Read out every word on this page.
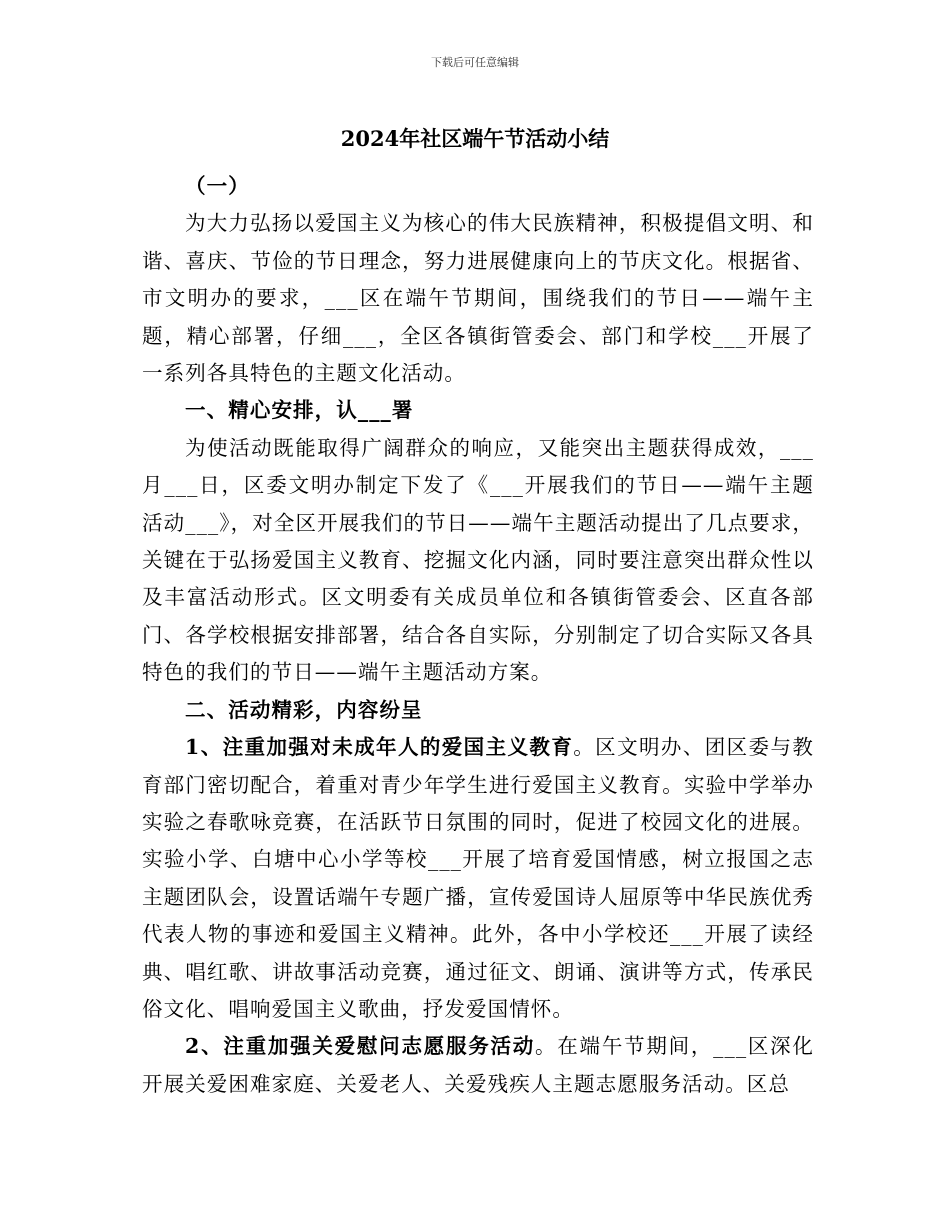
下载后可任意编辑
2024年社区端午节活动小结

（一）

为大力弘扬以爱国主义为核心的伟大民族精神，积极提倡文明、和谐、喜庆、节俭的节日理念，努力进展健康向上的节庆文化。根据省、市文明办的要求，___区在端午节期间，围绕我们的节日——端午主题，精心部署，仔细___，全区各镇街管委会、部门和学校___开展了一系列各具特色的主题文化活动。

一、精心安排，认___署

为使活动既能取得广阔群众的响应，又能突出主题获得成效，___月___日，区委文明办制定下发了《___开展我们的节日——端午主题活动___》，对全区开展我们的节日——端午主题活动提出了几点要求，关键在于弘扬爱国主义教育、挖掘文化内涵，同时要注意突出群众性以及丰富活动形式。区文明委有关成员单位和各镇街管委会、区直各部门、各学校根据安排部署，结合各自实际，分别制定了切合实际又各具特色的我们的节日——端午主题活动方案。

二、活动精彩，内容纷呈

1、注重加强对未成年人的爱国主义教育。区文明办、团区委与教育部门密切配合，着重对青少年学生进行爱国主义教育。实验中学举办实验之春歌咏竞赛，在活跃节日氛围的同时，促进了校园文化的进展。实验小学、白塘中心小学等校___开展了培育爱国情感，树立报国之志主题团队会，设置话端午专题广播，宣传爱国诗人屈原等中华民族优秀代表人物的事迹和爱国主义精神。此外，各中小学校还___开展了读经典、唱红歌、讲故事活动竞赛，通过征文、朗诵、演讲等方式，传承民俗文化、唱响爱国主义歌曲，抒发爱国情怀。

2、注重加强关爱慰问志愿服务活动。在端午节期间，___区深化开展关爱困难家庭、关爱老人、关爱残疾人主题志愿服务活动。区总
